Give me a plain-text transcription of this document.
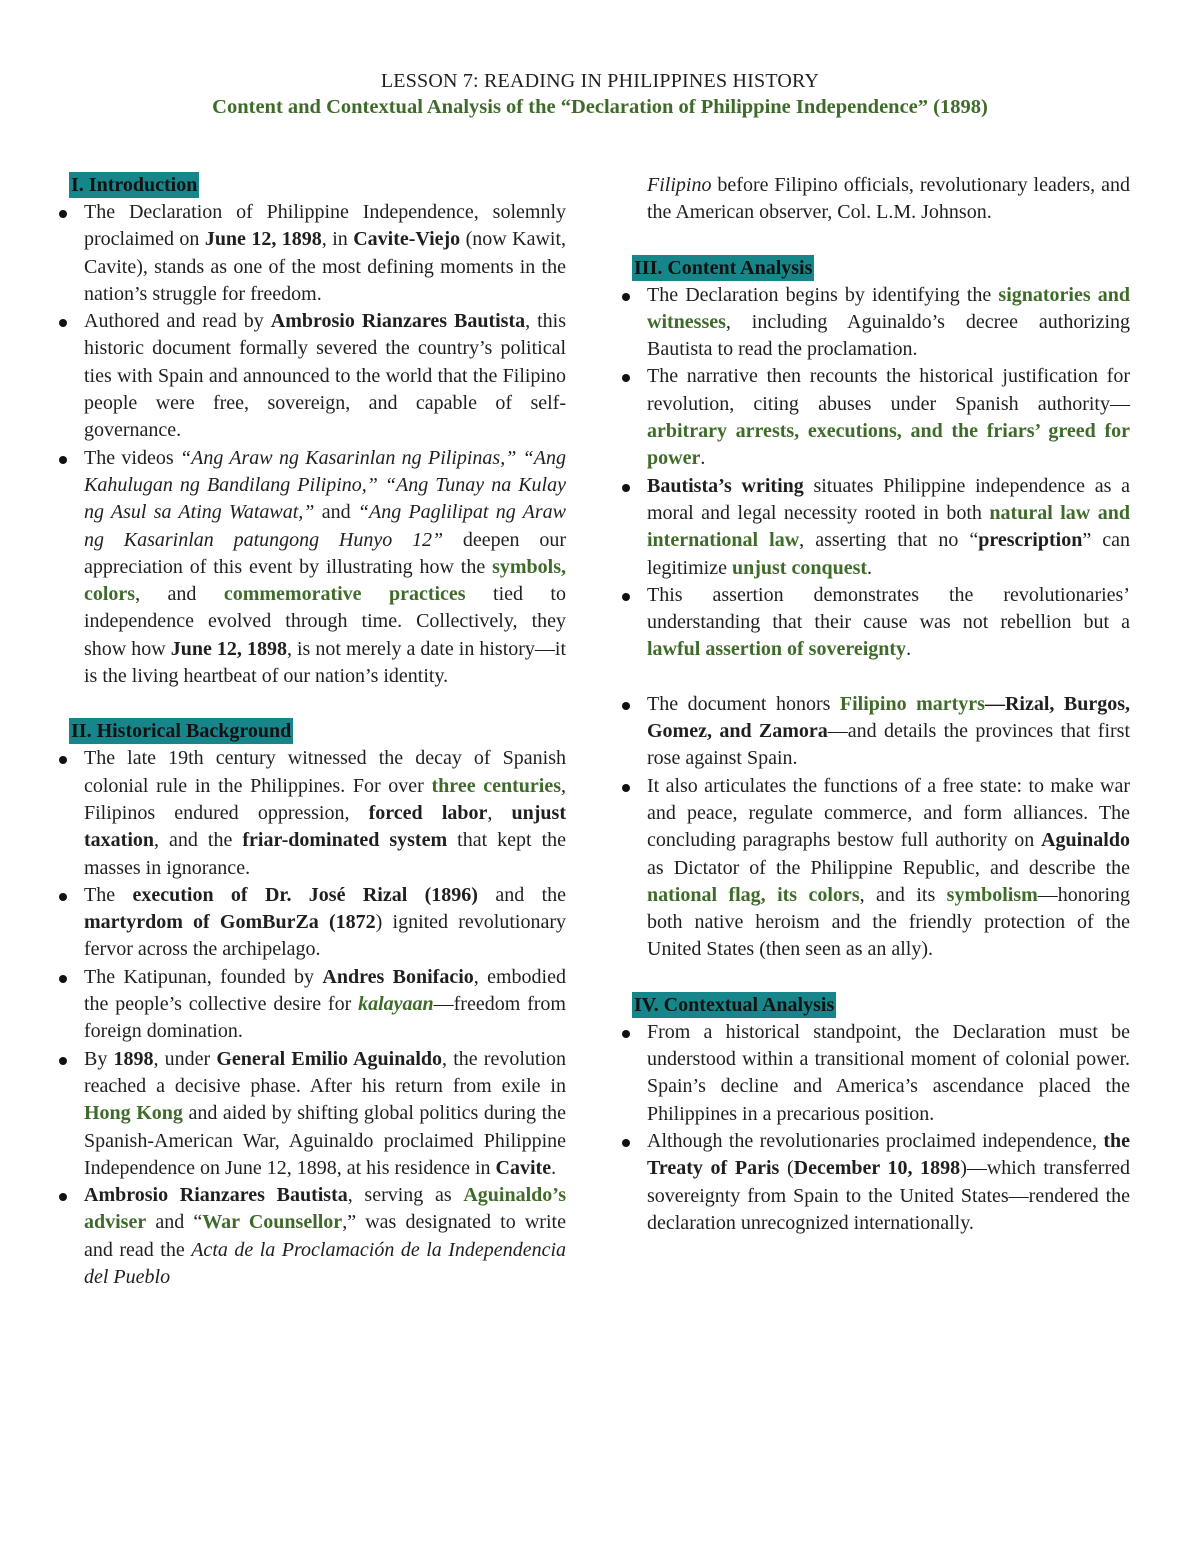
LESSON 7: READING IN PHILIPPINES HISTORY
Content and Contextual Analysis of the “Declaration of Philippine Independence” (1898)
I. Introduction
The Declaration of Philippine Independence, solemnly proclaimed on June 12, 1898, in Cavite-Viejo (now Kawit, Cavite), stands as one of the most defining moments in the nation’s struggle for freedom.
Authored and read by Ambrosio Rianzares Bautista, this historic document formally severed the country’s political ties with Spain and announced to the world that the Filipino people were free, sovereign, and capable of self-governance.
The videos “Ang Araw ng Kasarinlan ng Pilipinas,” “Ang Kahulugan ng Bandilang Pilipino,” “Ang Tunay na Kulay ng Asul sa Ating Watawat,” and “Ang Paglilipat ng Araw ng Kasarinlan patungong Hunyo 12” deepen our appreciation of this event by illustrating how the symbols, colors, and commemorative practices tied to independence evolved through time. Collectively, they show how June 12, 1898, is not merely a date in history—it is the living heartbeat of our nation’s identity.
II. Historical Background
The late 19th century witnessed the decay of Spanish colonial rule in the Philippines. For over three centuries, Filipinos endured oppression, forced labor, unjust taxation, and the friar-dominated system that kept the masses in ignorance.
The execution of Dr. José Rizal (1896) and the martyrdom of GomBurZa (1872) ignited revolutionary fervor across the archipelago.
The Katipunan, founded by Andres Bonifacio, embodied the people’s collective desire for kalayaan—freedom from foreign domination.
By 1898, under General Emilio Aguinaldo, the revolution reached a decisive phase. After his return from exile in Hong Kong and aided by shifting global politics during the Spanish-American War, Aguinaldo proclaimed Philippine Independence on June 12, 1898, at his residence in Cavite.
Ambrosio Rianzares Bautista, serving as Aguinaldo’s adviser and “War Counsellor,” was designated to write and read the Acta de la Proclamación de la Independencia del Pueblo
Filipino before Filipino officials, revolutionary leaders, and the American observer, Col. L.M. Johnson.
III. Content Analysis
The Declaration begins by identifying the signatories and witnesses, including Aguinaldo’s decree authorizing Bautista to read the proclamation.
The narrative then recounts the historical justification for revolution, citing abuses under Spanish authority—arbitrary arrests, executions, and the friars’ greed for power.
Bautista’s writing situates Philippine independence as a moral and legal necessity rooted in both natural law and international law, asserting that no “prescription” can legitimize unjust conquest.
This assertion demonstrates the revolutionaries’ understanding that their cause was not rebellion but a lawful assertion of sovereignty.
The document honors Filipino martyrs—Rizal, Burgos, Gomez, and Zamora—and details the provinces that first rose against Spain.
It also articulates the functions of a free state: to make war and peace, regulate commerce, and form alliances. The concluding paragraphs bestow full authority on Aguinaldo as Dictator of the Philippine Republic, and describe the national flag, its colors, and its symbolism—honoring both native heroism and the friendly protection of the United States (then seen as an ally).
IV. Contextual Analysis
From a historical standpoint, the Declaration must be understood within a transitional moment of colonial power. Spain’s decline and America’s ascendance placed the Philippines in a precarious position.
Although the revolutionaries proclaimed independence, the Treaty of Paris (December 10, 1898)—which transferred sovereignty from Spain to the United States—rendered the declaration unrecognized internationally.
